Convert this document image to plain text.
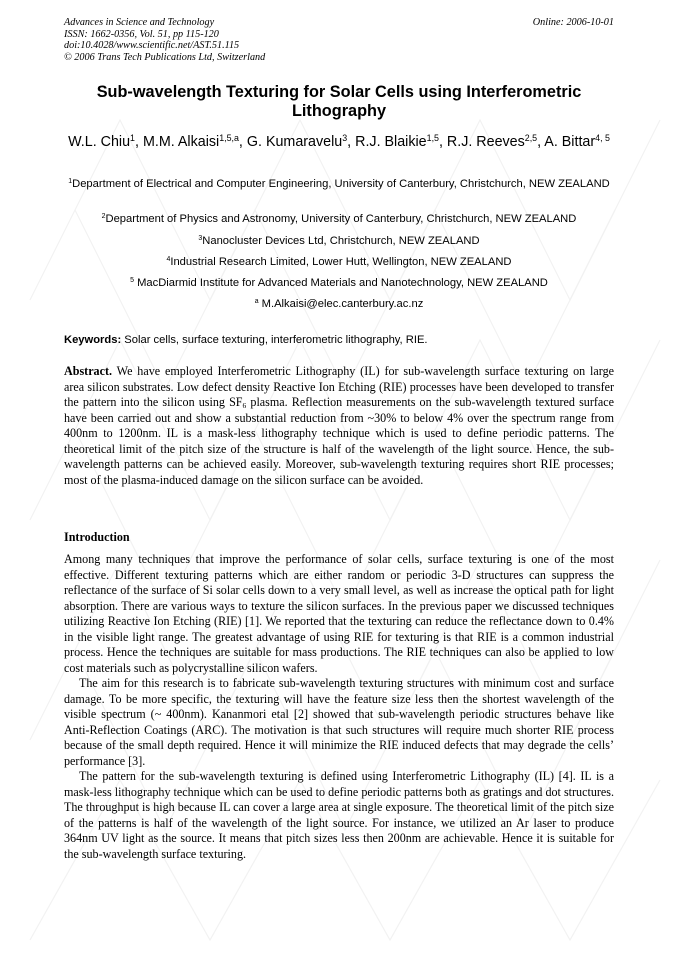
Advances in Science and Technology
ISSN: 1662-0356, Vol. 51, pp 115-120
doi:10.4028/www.scientific.net/AST.51.115
© 2006 Trans Tech Publications Ltd, Switzerland
Online: 2006-10-01
Sub-wavelength Texturing for Solar Cells using Interferometric Lithography
W.L. Chiu$^1$, M.M. Alkaisi$^{1,5,a}$, G. Kumaravelu$^3$, R.J. Blaikie$^{1,5}$, R.J. Reeves$^{2,5}$, A. Bittar$^{4, 5}$
$^1$Department of Electrical and Computer Engineering, University of Canterbury, Christchurch, NEW ZEALAND
$^2$Department of Physics and Astronomy, University of Canterbury, Christchurch, NEW ZEALAND
$^3$Nanocluster Devices Ltd, Christchurch, NEW ZEALAND
$^4$Industrial Research Limited, Lower Hutt, Wellington, NEW ZEALAND
$^5$ MacDiarmid Institute for Advanced Materials and Nanotechnology, NEW ZEALAND
$^a$ M.Alkaisi@elec.canterbury.ac.nz
Keywords: Solar cells, surface texturing, interferometric lithography, RIE.

Abstract. We have employed Interferometric Lithography (IL) for sub-wavelength surface texturing on large area silicon substrates. Low defect density Reactive Ion Etching (RIE) processes have been developed to transfer the pattern into the silicon using $SF_6$ plasma. Reflection measurements on the sub-wavelength textured surface have been carried out and show a substantial reduction from ~30% to below 4% over the spectrum range from 400nm to 1200nm. IL is a mask-less lithography technique which is used to define periodic patterns. The theoretical limit of the pitch size of the structure is half of the wavelength of the light source. Hence, the sub-wavelength patterns can be achieved easily. Moreover, sub-wavelength texturing requires short RIE processes; most of the plasma-induced damage on the silicon surface can be avoided.

Introduction

Among many techniques that improve the performance of solar cells, surface texturing is one of the most effective. Different texturing patterns which are either random or periodic 3-D structures can suppress the reflectance of the surface of Si solar cells down to a very small level, as well as increase the optical path for light absorption. There are various ways to texture the silicon surfaces. In the previous paper we discussed techniques utilizing Reactive Ion Etching (RIE) [1]. We reported that the texturing can reduce the reflectance down to 0.4% in the visible light range. The greatest advantage of using RIE for texturing is that RIE is a common industrial process. Hence the techniques are suitable for mass productions. The RIE techniques can also be applied to low cost materials such as polycrystalline silicon wafers.

The aim for this research is to fabricate sub-wavelength texturing structures with minimum cost and surface damage. To be more specific, the texturing will have the feature size less then the shortest wavelength of the visible spectrum (~ 400nm). Kananmori etal [2] showed that sub-wavelength periodic structures behave like Anti-Reflection Coatings (ARC). The motivation is that such structures will require much shorter RIE process because of the small depth required. Hence it will minimize the RIE induced defects that may degrade the cells’ performance [3].

The pattern for the sub-wavelength texturing is defined using Interferometric Lithography (IL) [4]. IL is a mask-less lithography technique which can be used to define periodic patterns both as gratings and dot structures. The throughput is high because IL can cover a large area at single exposure. The theoretical limit of the pitch size of the patterns is half of the wavelength of the light source. For instance, we utilized an Ar laser to produce 364nm UV light as the source. It means that pitch sizes less then 200nm are achievable. Hence it is suitable for the sub-wavelength surface texturing.
